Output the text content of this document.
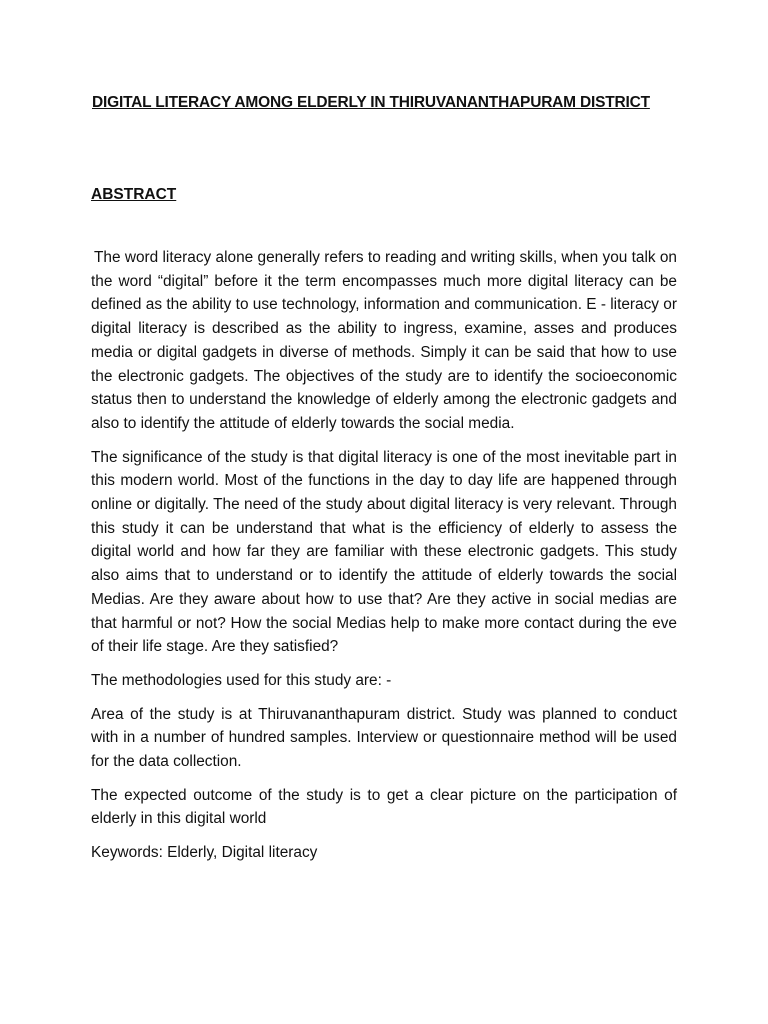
DIGITAL LITERACY AMONG ELDERLY IN THIRUVANANTHAPURAM DISTRICT
ABSTRACT

The word literacy alone generally refers to reading and writing skills, when you talk on the word “digital” before it the term encompasses much more digital literacy can be defined as the ability to use technology, information and communication. E - literacy or digital literacy is described as the ability to ingress, examine, asses and produces media or digital gadgets in diverse of methods. Simply it can be said that how to use the electronic gadgets. The objectives of the study are to identify the socioeconomic status then to understand the knowledge of elderly among the electronic gadgets and also to identify the attitude of elderly towards the social media.

The significance of the study is that digital literacy is one of the most inevitable part in this modern world. Most of the functions in the day to day life are happened through online or digitally. The need of the study about digital literacy is very relevant. Through this study it can be understand that what is the efficiency of elderly to assess the digital world and how far they are familiar with these electronic gadgets. This study also aims that to understand or to identify the attitude of elderly towards the social Medias. Are they aware about how to use that? Are they active in social medias are that harmful or not? How the social Medias help to make more contact during the eve of their life stage. Are they satisfied?

The methodologies used for this study are: -

Area of the study is at Thiruvananthapuram district. Study was planned to conduct with in a number of hundred samples. Interview or questionnaire method will be used for the data collection.

The expected outcome of the study is to get a clear picture on the participation of elderly in this digital world

Keywords: Elderly, Digital literacy
